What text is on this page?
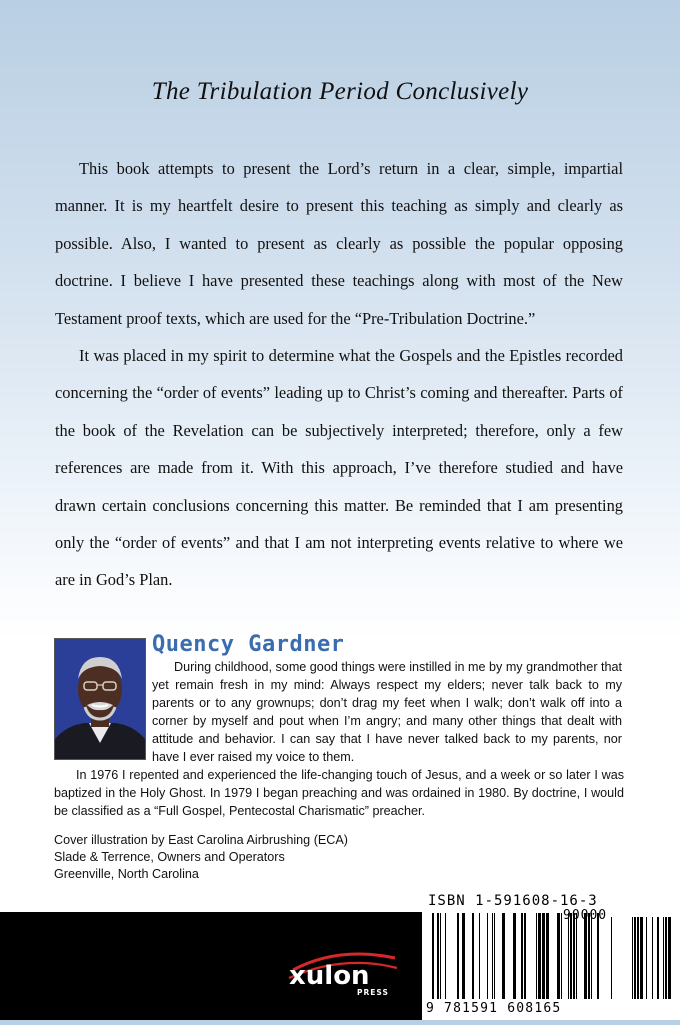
The Tribulation Period Conclusively

This book attempts to present the Lord’s return in a clear, simple, impartial manner. It is my heartfelt desire to present this teaching as simply and clearly as possible. Also, I wanted to present as clearly as possible the popular opposing doctrine. I believe I have presented these teachings along with most of the New Testament proof texts, which are used for the “Pre-Tribulation Doctrine.”

It was placed in my spirit to determine what the Gospels and the Epistles recorded concerning the “order of events” leading up to Christ’s coming and thereafter. Parts of the book of the Revelation can be subjectively interpreted; therefore, only a few references are made from it. With this approach, I’ve therefore studied and have drawn certain conclusions concerning this matter. Be reminded that I am presenting only the “order of events” and that I am not interpreting events relative to where we are in God’s Plan.

Quency Gardner

During childhood, some good things were instilled in me by my grandmother that yet remain fresh in my mind: Always respect my elders; never talk back to my parents or to any grownups; don’t drag my feet when I walk; don’t walk off into a corner by myself and pout when I’m angry; and many other things that dealt with attitude and behavior. I can say that I have never talked back to my parents, nor have I ever raised my voice to them.

In 1976 I repented and experienced the life-changing touch of Jesus, and a week or so later I was baptized in the Holy Ghost. In 1979 I began preaching and was ordained in 1980. By doctrine, I would be classified as a “Full Gospel, Pentecostal Charismatic” preacher.

Cover illustration by East Carolina Airbrushing (ECA)
Slade & Terrence, Owners and Operators
Greenville, North Carolina
xulon
PRESS
ISBN 1-591608-16-3
90000
9 781591 608165
